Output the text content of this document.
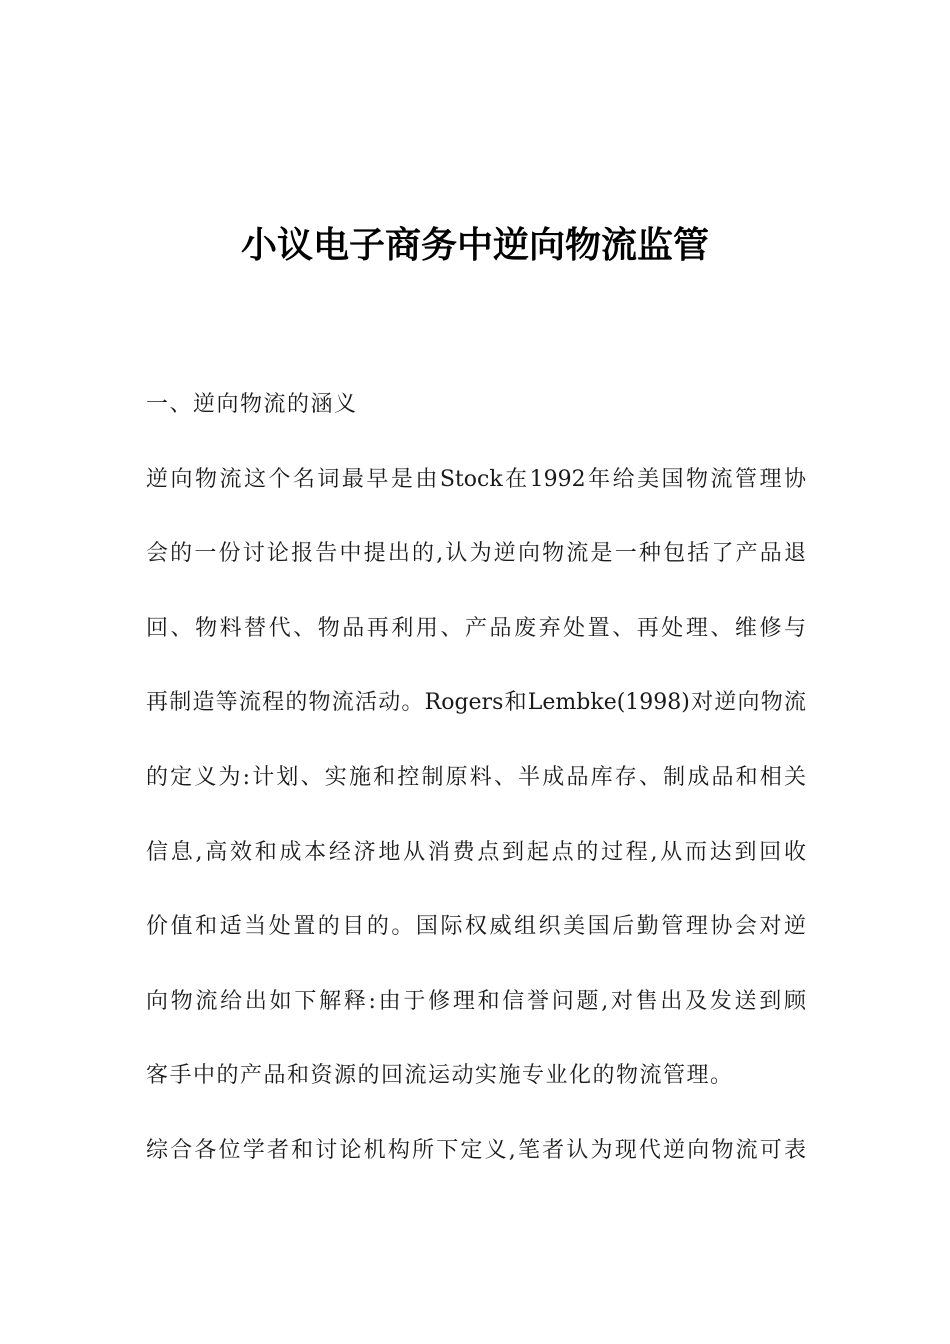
小议电子商务中逆向物流监管
一、逆向物流的涵义
逆向物流这个名词最早是由Stock在1992年给美国物流管理协
会的一份讨论报告中提出的,认为逆向物流是一种包括了产品退
回、物料替代、物品再利用、产品废弃处置、再处理、维修与
再制造等流程的物流活动。Rogers和Lembke(1998)对逆向物流
的定义为:计划、实施和控制原料、半成品库存、制成品和相关
信息,高效和成本经济地从消费点到起点的过程,从而达到回收
价值和适当处置的目的。国际权威组织美国后勤管理协会对逆
向物流给出如下解释:由于修理和信誉问题,对售出及发送到顾
客手中的产品和资源的回流运动实施专业化的物流管理。
综合各位学者和讨论机构所下定义,笔者认为现代逆向物流可表
